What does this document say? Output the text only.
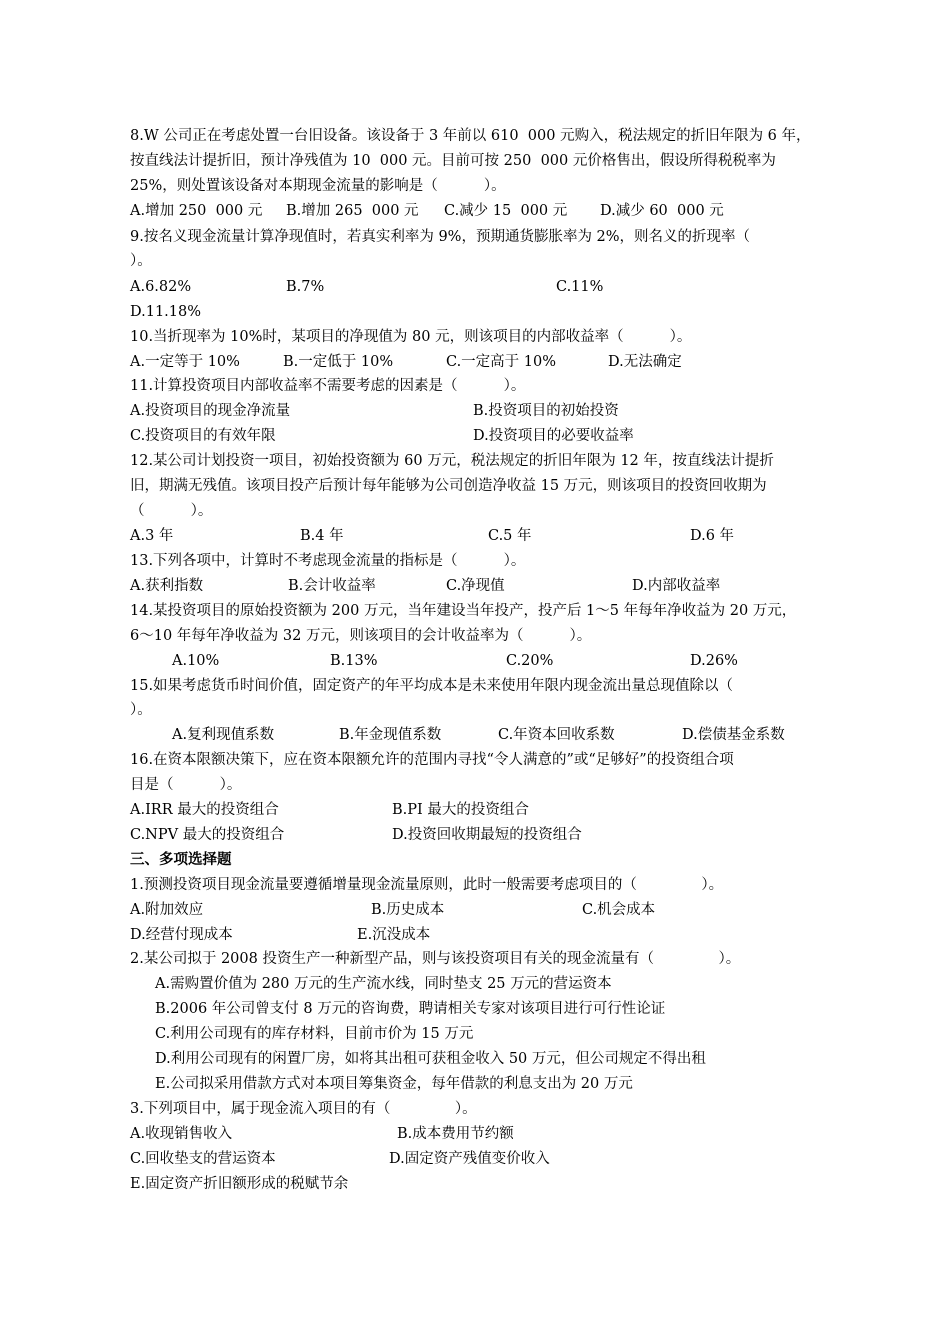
8.W 公司正在考虑处置一台旧设备。该设备于 3 年前以 610  000 元购入，税法规定的折旧年限为 6 年，
按直线法计提折旧，预计净残值为 10  000 元。目前可按 250  000 元价格售出，假设所得税税率为
25%，则处置该设备对本期现金流量的影响是（          ）。
A.增加 250  000 元 B.增加 265  000 元 C.减少 15  000 元 D.减少 60  000 元
9.按名义现金流量计算净现值时，若真实利率为 9%，预期通货膨胀率为 2%，则名义的折现率（
）。
A.6.82%	B.7%	C.11%
D.11.18%
10.当折现率为 10%时，某项目的净现值为 80 元，则该项目的内部收益率（          ）。
A.一定等于 10%	B.一定低于 10%	C.一定高于 10%	D.无法确定
11.计算投资项目内部收益率不需要考虑的因素是（          ）。
A.投资项目的现金净流量	B.投资项目的初始投资
C.投资项目的有效年限	D.投资项目的必要收益率
12.某公司计划投资一项目，初始投资额为 60 万元，税法规定的折旧年限为 12 年，按直线法计提折
旧，期满无残值。该项目投产后预计每年能够为公司创造净收益 15 万元，则该项目的投资回收期为
（          ）。
A.3 年	B.4 年	C.5 年	D.6 年
13.下列各项中，计算时不考虑现金流量的指标是（          ）。
A.获利指数	B.会计收益率	C.净现值	D.内部收益率
14.某投资项目的原始投资额为 200 万元，当年建设当年投产，投产后 1～5 年每年净收益为 20 万元，
6～10 年每年净收益为 32 万元，则该项目的会计收益率为（          ）。
A.10%	B.13%	C.20%	D.26%
15.如果考虑货币时间价值，固定资产的年平均成本是未来使用年限内现金流出量总现值除以（
）。
A.复利现值系数	B.年金现值系数	C.年资本回收系数	D.偿债基金系数
16.在资本限额决策下，应在资本限额允许的范围内寻找“令人满意的”或“足够好”的投资组合项
目是（          ）。
A.IRR 最大的投资组合	B.PI 最大的投资组合
C.NPV 最大的投资组合	D.投资回收期最短的投资组合
三、多项选择题
1.预测投资项目现金流量要遵循增量现金流量原则，此时一般需要考虑项目的（              ）。
A.附加效应	B.历史成本	C.机会成本
D.经营付现成本	E.沉没成本
2.某公司拟于 2008 投资生产一种新型产品，则与该投资项目有关的现金流量有（              ）。
A.需购置价值为 280 万元的生产流水线，同时垫支 25 万元的营运资本
B.2006 年公司曾支付 8 万元的咨询费，聘请相关专家对该项目进行可行性论证
C.利用公司现有的库存材料，目前市价为 15 万元
D.利用公司现有的闲置厂房，如将其出租可获租金收入 50 万元，但公司规定不得出租
E.公司拟采用借款方式对本项目筹集资金，每年借款的利息支出为 20 万元
3.下列项目中，属于现金流入项目的有（              ）。
A.收现销售收入	B.成本费用节约额
C.回收垫支的营运资本	D.固定资产残值变价收入
E.固定资产折旧额形成的税赋节余
